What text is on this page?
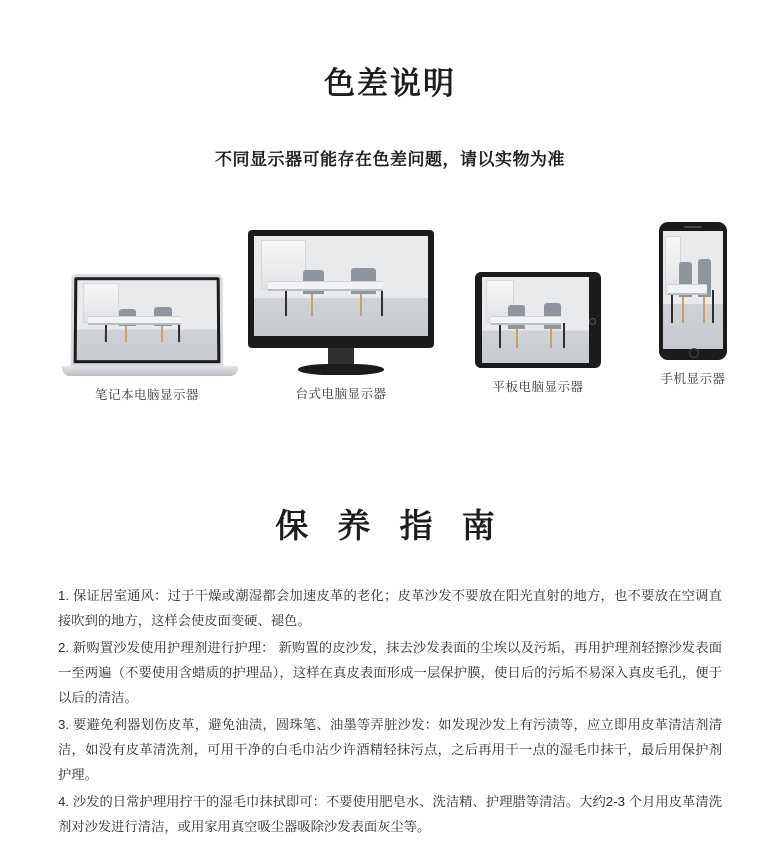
色差说明

不同显示器可能存在色差问题，请以实物为准

笔记本电脑显示器	台式电脑显示器	平板电脑显示器
手机显示器
保 养 指 南

1. 保证居室通风：过于干燥或潮湿都会加速皮革的老化；皮革沙发不要放在阳光直射的地方，也不要放在空调直接吹到的地方，这样会使皮面变硬、褪色。

2. 新购置沙发使用护理剂进行护理： 新购置的皮沙发，抹去沙发表面的尘埃以及污垢，再用护理剂轻擦沙发表面一至两遍（不要使用含蜡质的护理品），这样在真皮表面形成一层保护膜，使日后的污垢不易深入真皮毛孔，便于以后的清洁。

3. 要避免利器划伤皮革，避免油渍，圆珠笔、油墨等弄脏沙发：如发现沙发上有污渍等，应立即用皮革清洁剂清洁，如没有皮革清洗剂，可用干净的白毛巾沾少许酒精轻抹污点，之后再用干一点的湿毛巾抹干，最后用保护剂护理。

4. 沙发的日常护理用拧干的湿毛巾抹拭即可：不要使用肥皂水、洗洁精、护理腊等清洁。大约2-3 个月用皮革清洗剂对沙发进行清洁，或用家用真空吸尘器吸除沙发表面灰尘等。
